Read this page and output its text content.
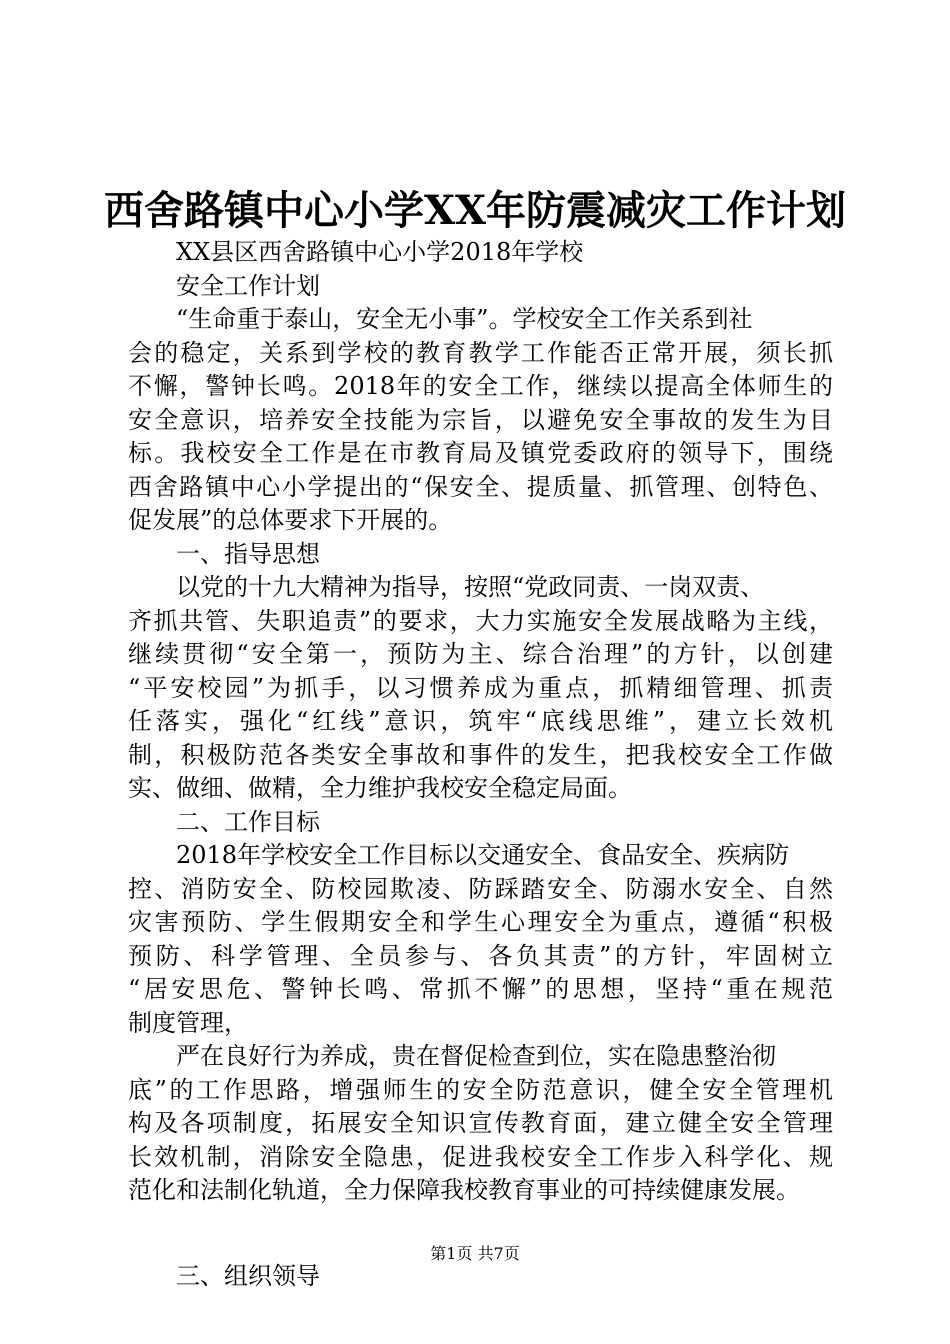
西舍路镇中心小学XX年防震减灾工作计划
XX县区西舍路镇中心小学2018年学校
安全工作计划
“生命重于泰山，安全无小事”。学校安全工作关系到社
会的稳定，关系到学校的教育教学工作能否正常开展，须长抓
不懈，警钟长鸣。2018年的安全工作，继续以提高全体师生的
安全意识，培养安全技能为宗旨，以避免安全事故的发生为目
标。我校安全工作是在市教育局及镇党委政府的领导下，围绕
西舍路镇中心小学提出的“保安全、提质量、抓管理、创特色、
促发展”的总体要求下开展的。
一、指导思想
以党的十九大精神为指导，按照“党政同责、一岗双责、
齐抓共管、失职追责”的要求，大力实施安全发展战略为主线，
继续贯彻“安全第一，预防为主、综合治理”的方针，以创建
“平安校园”为抓手，以习惯养成为重点，抓精细管理、抓责
任落实，强化“红线”意识，筑牢“底线思维”，建立长效机
制，积极防范各类安全事故和事件的发生，把我校安全工作做
实、做细、做精，全力维护我校安全稳定局面。
二、工作目标
2018年学校安全工作目标以交通安全、食品安全、疾病防
控、消防安全、防校园欺凌、防踩踏安全、防溺水安全、自然
灾害预防、学生假期安全和学生心理安全为重点，遵循“积极
预防、科学管理、全员参与、各负其责”的方针，牢固树立
“居安思危、警钟长鸣、常抓不懈”的思想，坚持“重在规范
制度管理，
严在良好行为养成，贵在督促检查到位，实在隐患整治彻
底”的工作思路，增强师生的安全防范意识，健全安全管理机
构及各项制度，拓展安全知识宣传教育面，建立健全安全管理
长效机制，消除安全隐患，促进我校安全工作步入科学化、规
范化和法制化轨道，全力保障我校教育事业的可持续健康发展。
三、组织领导
第1页 共7页
